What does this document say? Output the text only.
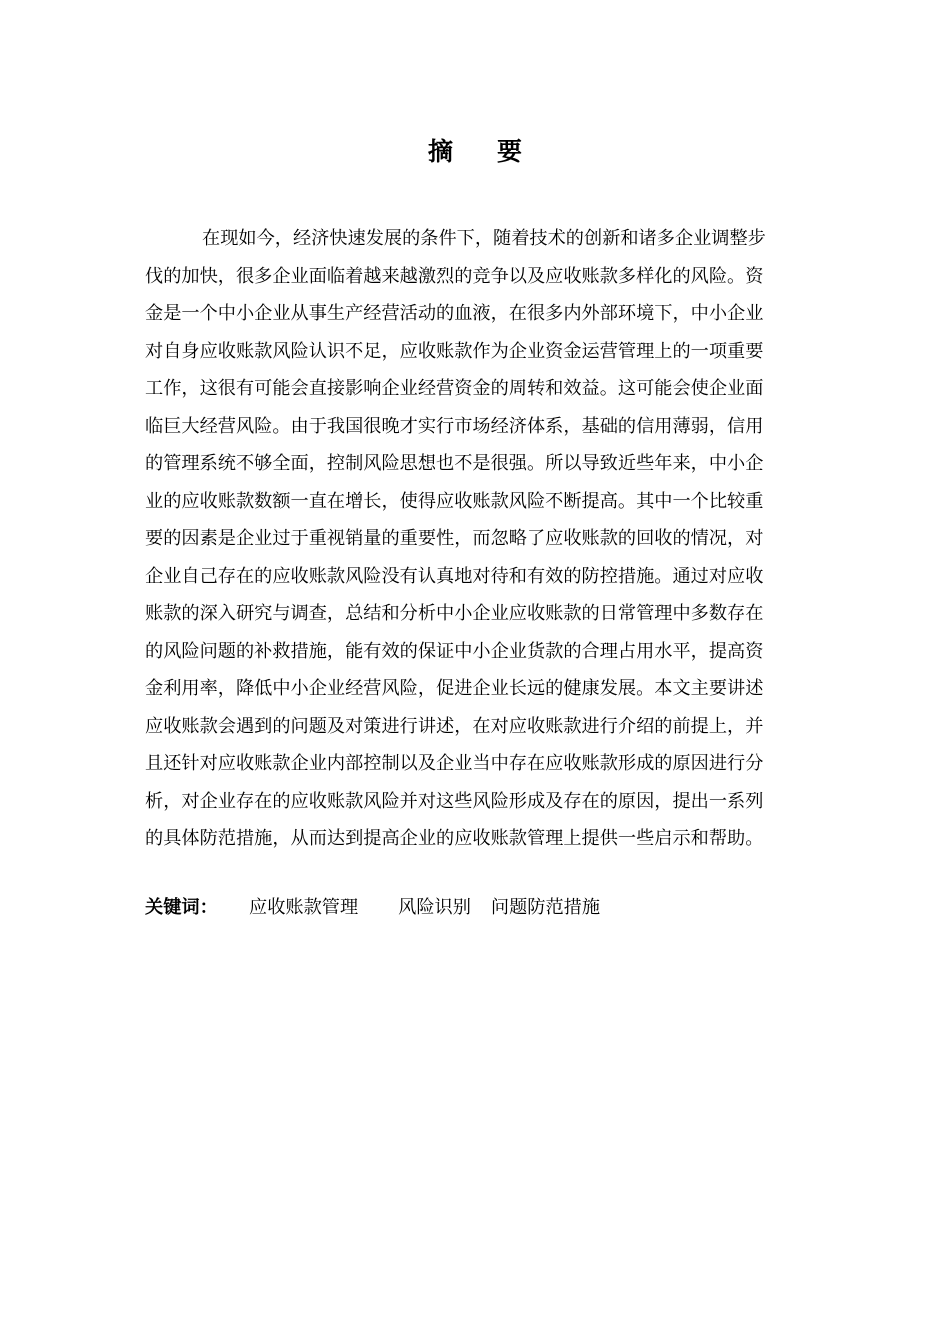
摘 要
在现如今，经济快速发展的条件下，随着技术的创新和诸多企业调整步
伐的加快，很多企业面临着越来越激烈的竞争以及应收账款多样化的风险。资
金是一个中小企业从事生产经营活动的血液，在很多内外部环境下，中小企业
对自身应收账款风险认识不足，应收账款作为企业资金运营管理上的一项重要
工作，这很有可能会直接影响企业经营资金的周转和效益。这可能会使企业面
临巨大经营风险。由于我国很晚才实行市场经济体系，基础的信用薄弱，信用
的管理系统不够全面，控制风险思想也不是很强。所以导致近些年来，中小企
业的应收账款数额一直在增长，使得应收账款风险不断提高。其中一个比较重
要的因素是企业过于重视销量的重要性，而忽略了应收账款的回收的情况，对
企业自己存在的应收账款风险没有认真地对待和有效的防控措施。通过对应收
账款的深入研究与调查，总结和分析中小企业应收账款的日常管理中多数存在
的风险问题的补救措施，能有效的保证中小企业货款的合理占用水平，提高资
金利用率，降低中小企业经营风险，促进企业长远的健康发展。本文主要讲述
应收账款会遇到的问题及对策进行讲述，在对应收账款进行介绍的前提上，并
且还针对应收账款企业内部控制以及企业当中存在应收账款形成的原因进行分
析，对企业存在的应收账款风险并对这些风险形成及存在的原因，提出一系列
的具体防范措施，从而达到提高企业的应收账款管理上提供一些启示和帮助。
关键词： 应收账款管理 风险识别 问题防范措施
